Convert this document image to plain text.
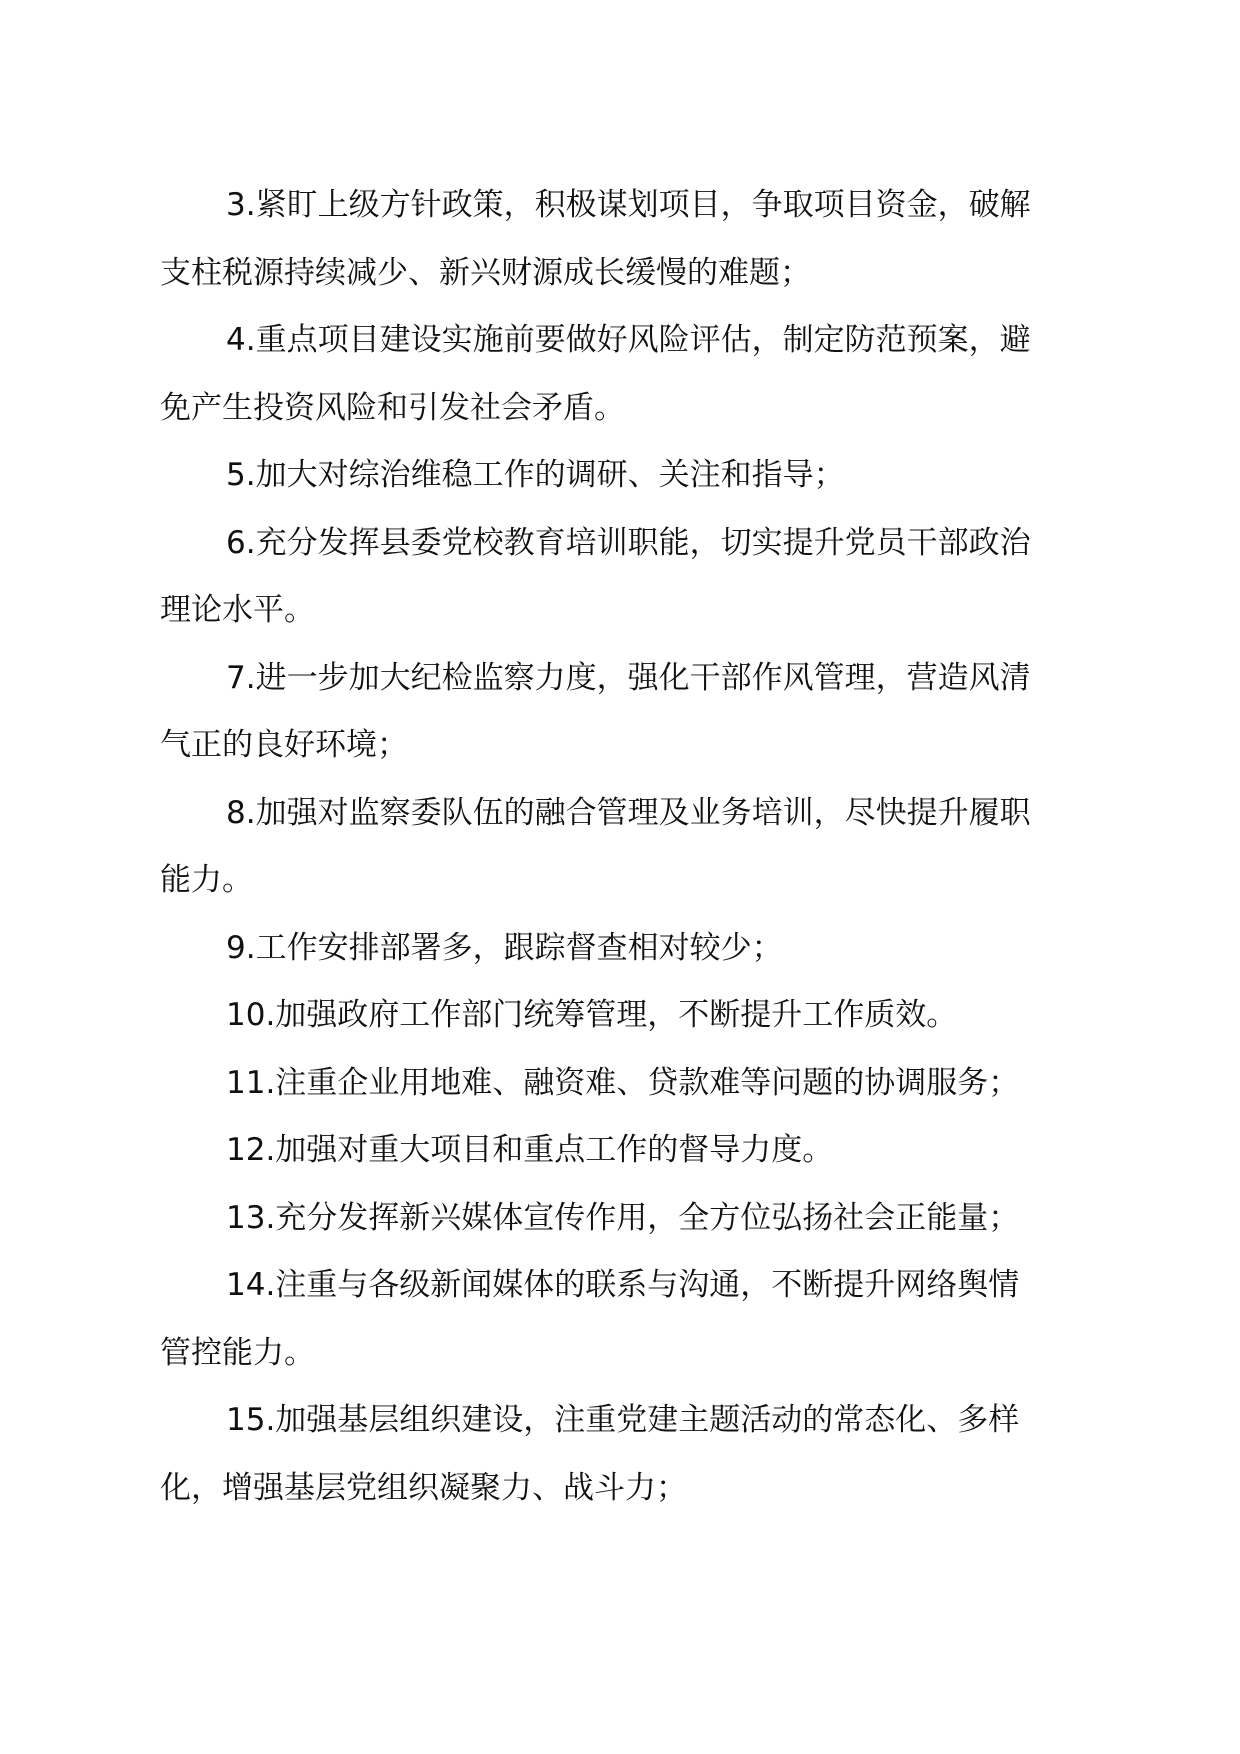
3.紧盯上级方针政策，积极谋划项目，争取项目资金，破解
支柱税源持续减少、新兴财源成长缓慢的难题；

4.重点项目建设实施前要做好风险评估，制定防范预案，避
免产生投资风险和引发社会矛盾。

5.加大对综治维稳工作的调研、关注和指导；

6.充分发挥县委党校教育培训职能，切实提升党员干部政治
理论水平。

7.进一步加大纪检监察力度，强化干部作风管理，营造风清
气正的良好环境；

8.加强对监察委队伍的融合管理及业务培训，尽快提升履职
能力。

9.工作安排部署多，跟踪督查相对较少；

10.加强政府工作部门统筹管理，不断提升工作质效。

11.注重企业用地难、融资难、贷款难等问题的协调服务；

12.加强对重大项目和重点工作的督导力度。

13.充分发挥新兴媒体宣传作用，全方位弘扬社会正能量；

14.注重与各级新闻媒体的联系与沟通，不断提升网络舆情
管控能力。

15.加强基层组织建设，注重党建主题活动的常态化、多样
化，增强基层党组织凝聚力、战斗力；
